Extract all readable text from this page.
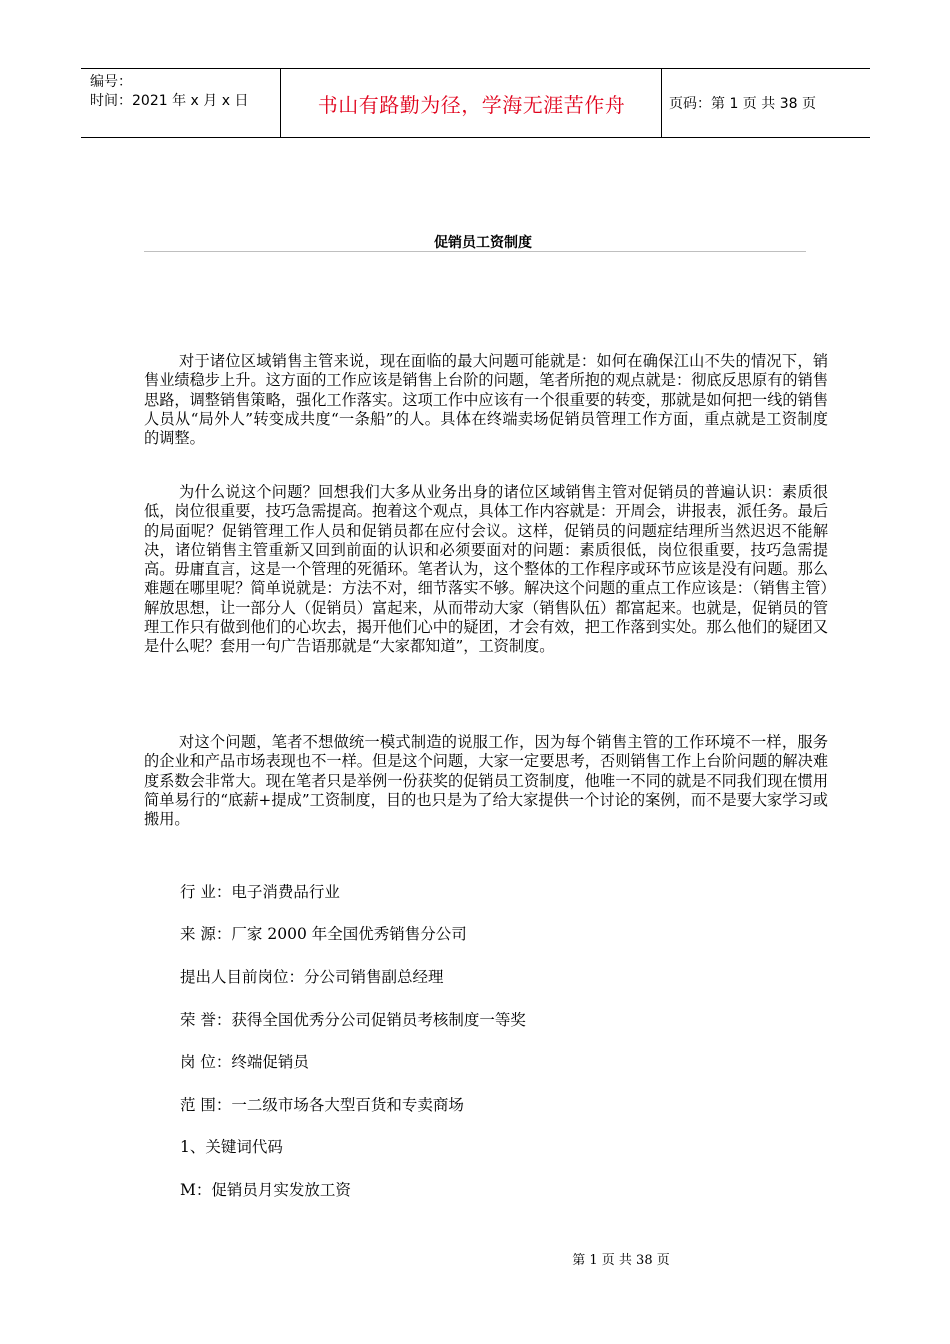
编号：
时间：2021 年 x 月 x 日	书山有路勤为径，学海无涯苦作舟	页码：第 1 页 共 38 页
促销员工资制度

对于诸位区域销售主管来说，现在面临的最大问题可能就是：如何在确保江山不失的情况下，销售业绩稳步上升。这方面的工作应该是销售上台阶的问题，笔者所抱的观点就是：彻底反思原有的销售思路，调整销售策略，强化工作落实。这项工作中应该有一个很重要的转变，那就是如何把一线的销售人员从“局外人”转变成共度“一条船”的人。具体在终端卖场促销员管理工作方面，重点就是工资制度的调整。

为什么说这个问题？回想我们大多从业务出身的诸位区域销售主管对促销员的普遍认识：素质很低，岗位很重要，技巧急需提高。抱着这个观点，具体工作内容就是：开周会，讲报表，派任务。最后的局面呢？促销管理工作人员和促销员都在应付会议。这样，促销员的问题症结理所当然迟迟不能解决，诸位销售主管重新又回到前面的认识和必须要面对的问题：素质很低，岗位很重要，技巧急需提高。毋庸直言，这是一个管理的死循环。笔者认为，这个整体的工作程序或环节应该是没有问题。那么难题在哪里呢？简单说就是：方法不对，细节落实不够。解决这个问题的重点工作应该是：（销售主管）解放思想，让一部分人（促销员）富起来，从而带动大家（销售队伍）都富起来。也就是，促销员的管理工作只有做到他们的心坎去，揭开他们心中的疑团，才会有效，把工作落到实处。那么他们的疑团又是什么呢？套用一句广告语那就是“大家都知道”，工资制度。

对这个问题，笔者不想做统一模式制造的说服工作，因为每个销售主管的工作环境不一样，服务的企业和产品市场表现也不一样。但是这个问题，大家一定要思考，否则销售工作上台阶问题的解决难度系数会非常大。现在笔者只是举例一份获奖的促销员工资制度，他唯一不同的就是不同我们现在惯用简单易行的“底薪+提成”工资制度，目的也只是为了给大家提供一个讨论的案例，而不是要大家学习或搬用。

行 业：电子消费品行业
来 源：厂家 2000 年全国优秀销售分公司
提出人目前岗位：分公司销售副总经理
荣 誉：获得全国优秀分公司促销员考核制度一等奖
岗 位：终端促销员
范 围：一二级市场各大型百货和专卖商场
1、关键词代码
M：促销员月实发放工资
第 1 页 共 38 页
